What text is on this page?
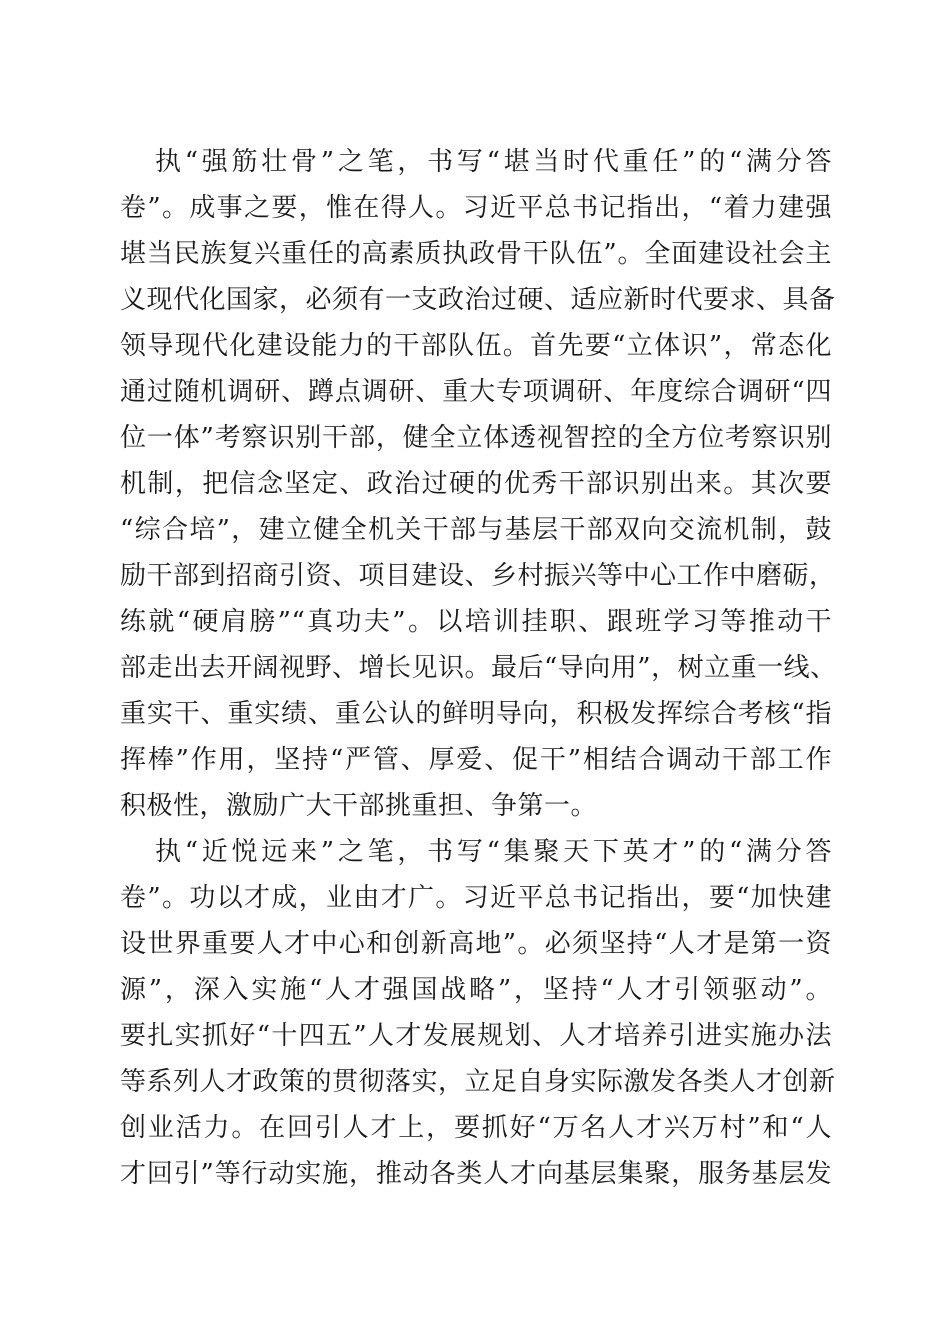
执“强筋壮骨”之笔，书写“堪当时代重任”的“满分答
卷”。成事之要，惟在得人。习近平总书记指出，“着力建强
堪当民族复兴重任的高素质执政骨干队伍”。全面建设社会主
义现代化国家，必须有一支政治过硬、适应新时代要求、具备
领导现代化建设能力的干部队伍。首先要“立体识”，常态化
通过随机调研、蹲点调研、重大专项调研、年度综合调研“四
位一体”考察识别干部，健全立体透视智控的全方位考察识别
机制，把信念坚定、政治过硬的优秀干部识别出来。其次要
“综合培”，建立健全机关干部与基层干部双向交流机制，鼓
励干部到招商引资、项目建设、乡村振兴等中心工作中磨砺，
练就“硬肩膀”“真功夫”。以培训挂职、跟班学习等推动干
部走出去开阔视野、增长见识。最后“导向用”，树立重一线、
重实干、重实绩、重公认的鲜明导向，积极发挥综合考核“指
挥棒”作用，坚持“严管、厚爱、促干”相结合调动干部工作
积极性，激励广大干部挑重担、争第一。
执“近悦远来”之笔，书写“集聚天下英才”的“满分答
卷”。功以才成，业由才广。习近平总书记指出，要“加快建
设世界重要人才中心和创新高地”。必须坚持“人才是第一资
源”，深入实施“人才强国战略”，坚持“人才引领驱动”。
要扎实抓好“十四五”人才发展规划、人才培养引进实施办法
等系列人才政策的贯彻落实，立足自身实际激发各类人才创新
创业活力。在回引人才上，要抓好“万名人才兴万村”和“人
才回引”等行动实施，推动各类人才向基层集聚，服务基层发
